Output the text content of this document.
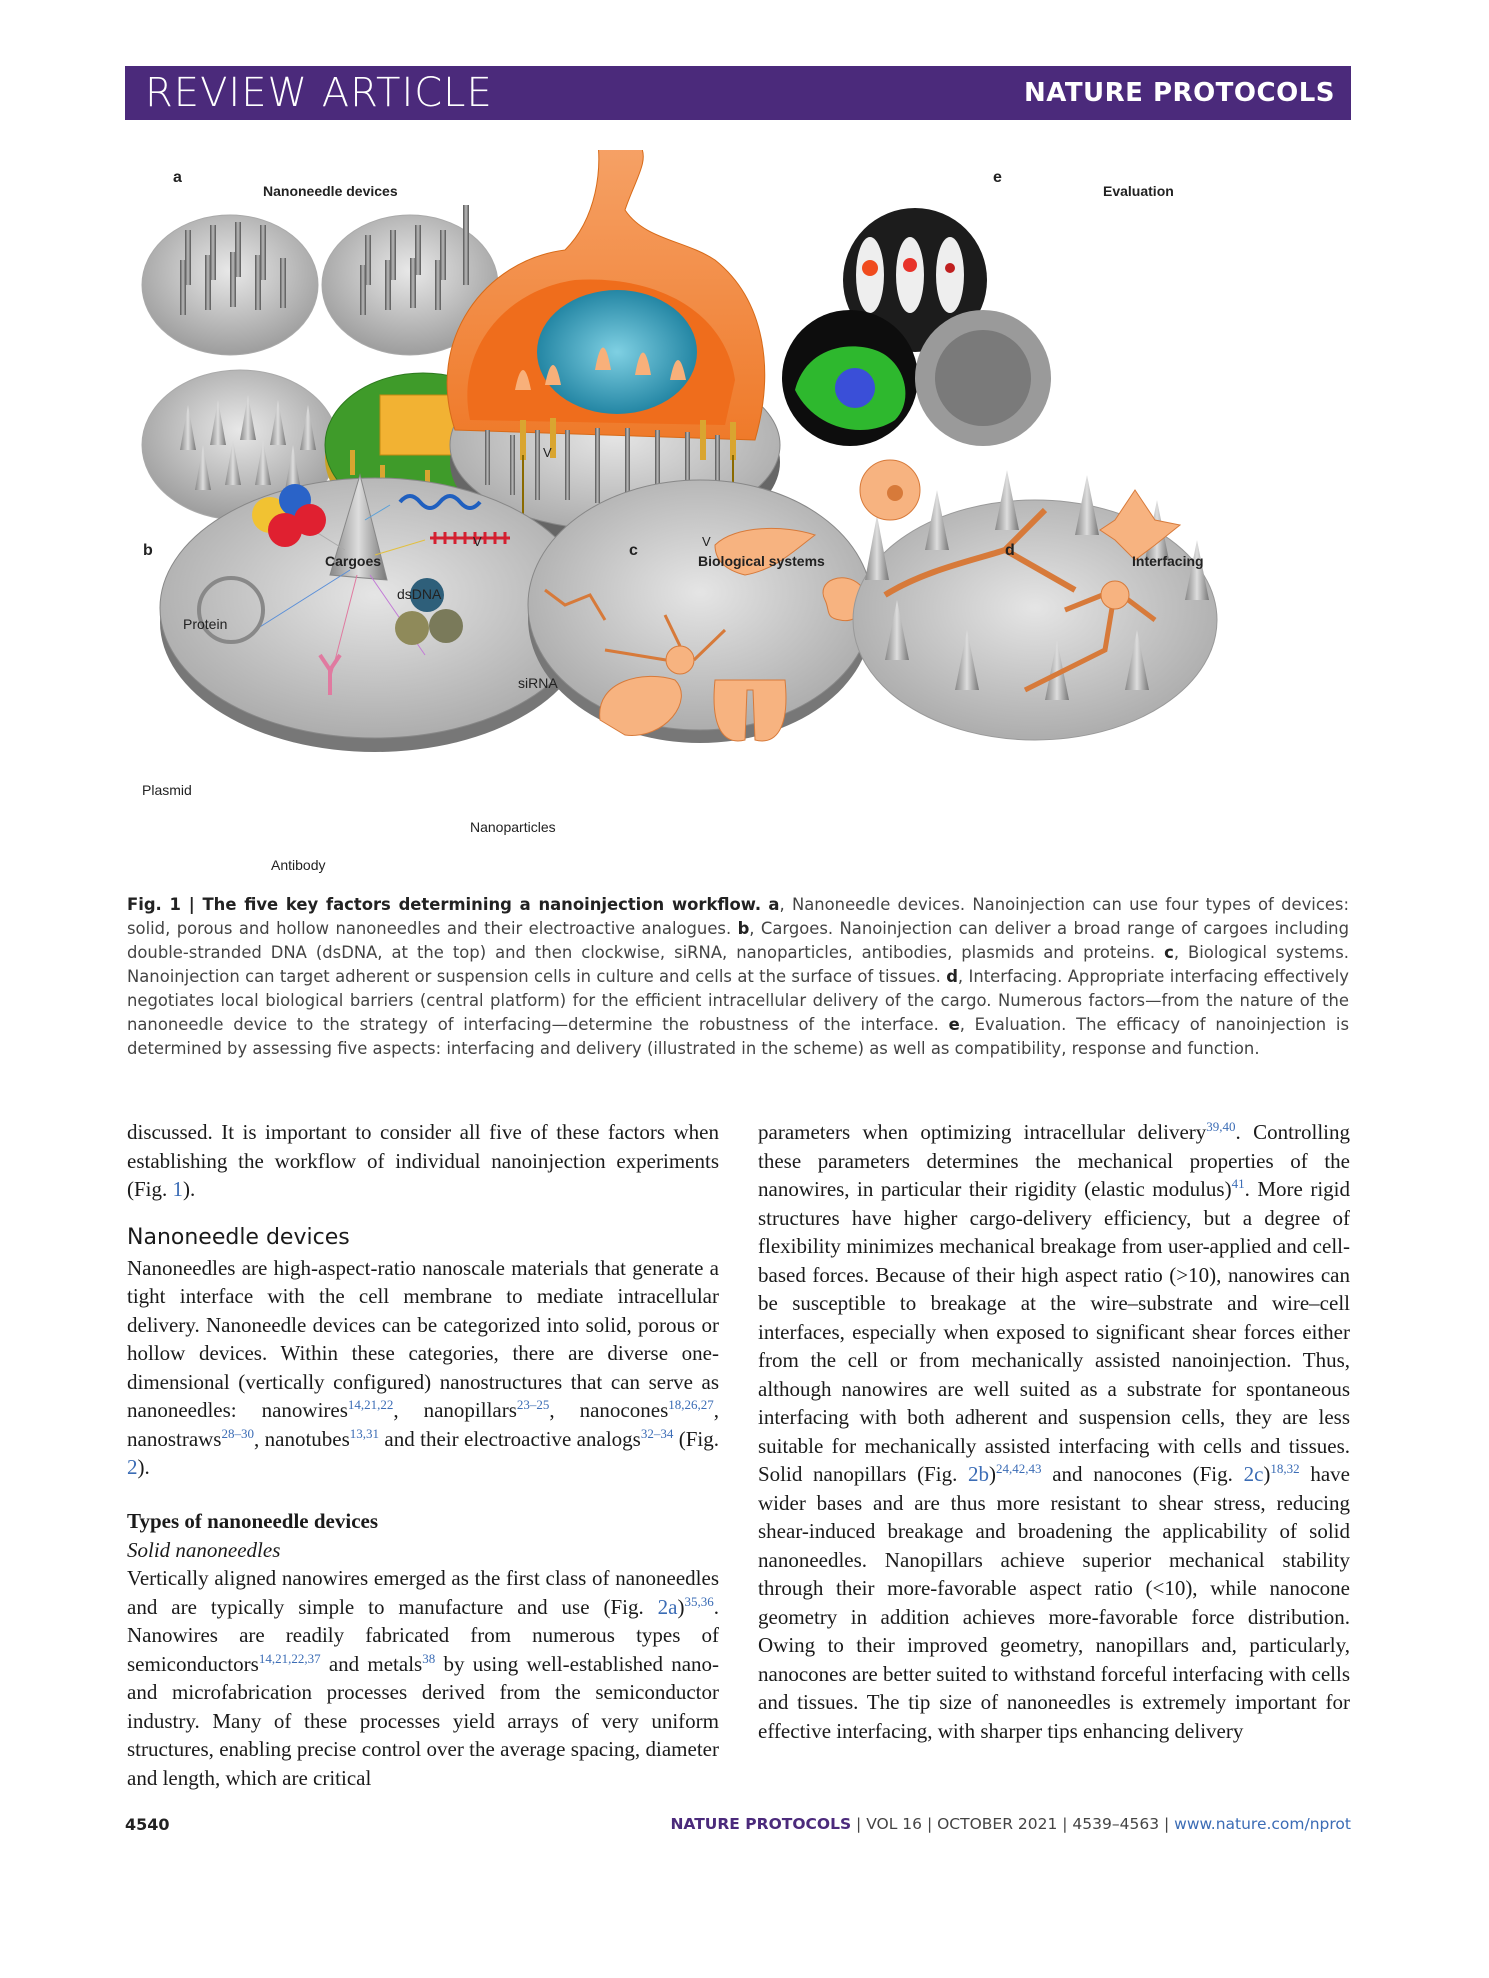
REVIEW ARTICLE	NATURE PROTOCOLS
a
Nanoneedle devices
V
V	V
e
Evaluation
b
Cargoes
dsDNA
Protein
siRNA
Plasmid
Nanoparticles
Antibody
c
Biological systems
d
Interfacing
Fig. 1 | The five key factors determining a nanoinjection workflow. a, Nanoneedle devices. Nanoinjection can use four types of devices: solid, porous and hollow nanoneedles and their electroactive analogues. b, Cargoes. Nanoinjection can deliver a broad range of cargoes including double-stranded DNA (dsDNA, at the top) and then clockwise, siRNA, nanoparticles, antibodies, plasmids and proteins. c, Biological systems. Nanoinjection can target adherent or suspension cells in culture and cells at the surface of tissues. d, Interfacing. Appropriate interfacing effectively negotiates local biological barriers (central platform) for the efficient intracellular delivery of the cargo. Numerous factors—from the nature of the nanoneedle device to the strategy of interfacing—determine the robustness of the interface. e, Evaluation. The efficacy of nanoinjection is determined by assessing five aspects: interfacing and delivery (illustrated in the scheme) as well as compatibility, response and function.

discussed. It is important to consider all five of these factors when establishing the workflow of individual nanoinjection experiments (Fig. 1).

Nanoneedle devices

Nanoneedles are high-aspect-ratio nanoscale materials that generate a tight interface with the cell membrane to mediate intracellular delivery. Nanoneedle devices can be categorized into solid, porous or hollow devices. Within these categories, there are diverse one-dimensional (vertically configured) nanostructures that can serve as nanoneedles: nanowires$^{14,21,22}$, nanopillars$^{23-25}$, nanocones$^{18,26,27}$, nanostraws$^{28-30}$, nanotubes$^{13,31}$ and their electroactive analogs$^{32-34}$ (Fig. 2).

Types of nanoneedle devices
Solid nanoneedles

Vertically aligned nanowires emerged as the first class of nanoneedles and are typically simple to manufacture and use (Fig. 2a)$^{35,36}$. Nanowires are readily fabricated from numerous types of semiconductors$^{14,21,22,37}$ and metals$^{38}$ by using well-established nano- and microfabrication processes derived from the semiconductor industry. Many of these processes yield arrays of very uniform structures, enabling precise control over the average spacing, diameter and length, which are critical

parameters when optimizing intracellular delivery$^{39,40}$. Controlling these parameters determines the mechanical properties of the nanowires, in particular their rigidity (elastic modulus)$^{41}$. More rigid structures have higher cargo-delivery efficiency, but a degree of flexibility minimizes mechanical breakage from user-applied and cell-based forces. Because of their high aspect ratio (>10), nanowires can be susceptible to breakage at the wire–substrate and wire–cell interfaces, especially when exposed to significant shear forces either from the cell or from mechanically assisted nanoinjection. Thus, although nanowires are well suited as a substrate for spontaneous interfacing with both adherent and suspension cells, they are less suitable for mechanically assisted interfacing with cells and tissues. Solid nanopillars (Fig. 2b)$^{24,42,43}$ and nanocones (Fig. 2c)$^{18,32}$ have wider bases and are thus more resistant to shear stress, reducing shear-induced breakage and broadening the applicability of solid nanoneedles. Nanopillars achieve superior mechanical stability through their more-favorable aspect ratio (<10), while nanocone geometry in addition achieves more-favorable force distribution. Owing to their improved geometry, nanopillars and, particularly, nanocones are better suited to withstand forceful interfacing with cells and tissues. The tip size of nanoneedles is extremely important for effective interfacing, with sharper tips enhancing delivery

4540	NATURE PROTOCOLS | VOL 16 | OCTOBER 2021 | 4539–4563 | www.nature.com/nprot
